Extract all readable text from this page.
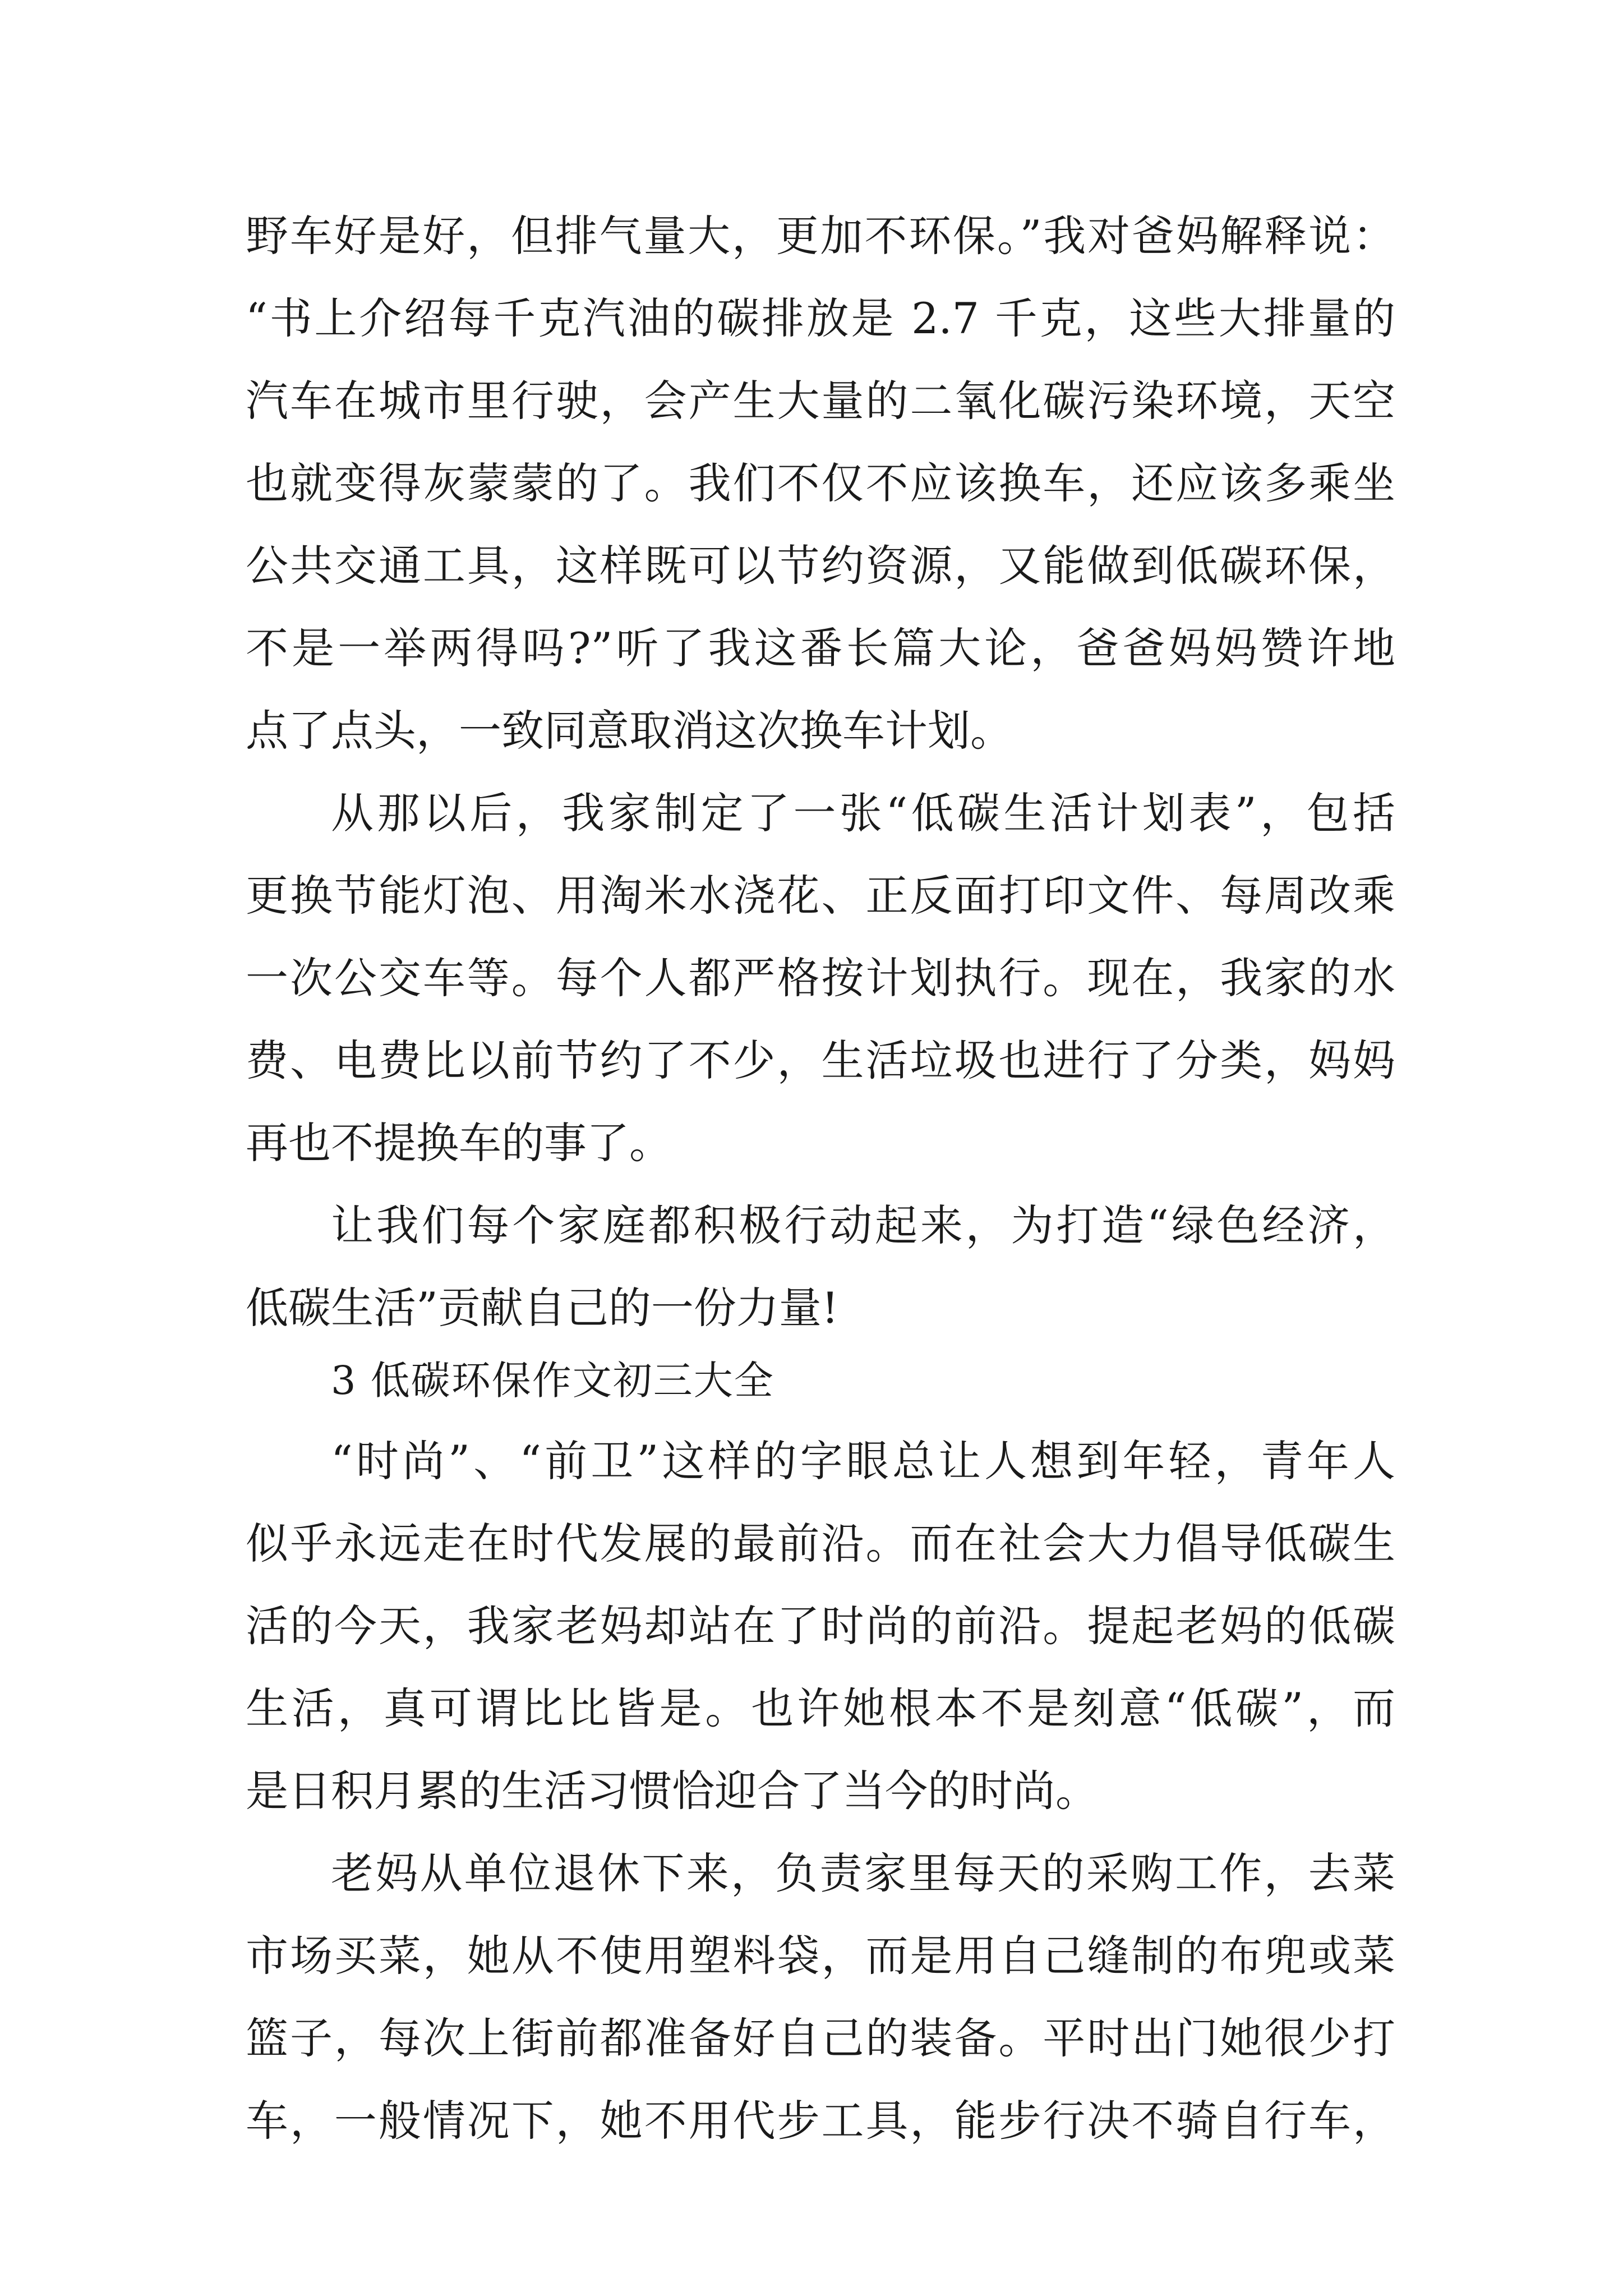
野车好是好，但排气量大，更加不环保。”我对爸妈解释说：

“书上介绍每千克汽油的碳排放是 2.7 千克，这些大排量的

汽车在城市里行驶，会产生大量的二氧化碳污染环境，天空

也就变得灰蒙蒙的了。我们不仅不应该换车，还应该多乘坐

公共交通工具，这样既可以节约资源，又能做到低碳环保，

不是一举两得吗?”听了我这番长篇大论，爸爸妈妈赞许地

点了点头，一致同意取消这次换车计划。

从那以后，我家制定了一张“低碳生活计划表”，包括

更换节能灯泡、用淘米水浇花、正反面打印文件、每周改乘

一次公交车等。每个人都严格按计划执行。现在，我家的水

费、电费比以前节约了不少，生活垃圾也进行了分类，妈妈

再也不提换车的事了。

让我们每个家庭都积极行动起来，为打造“绿色经济，

低碳生活”贡献自己的一份力量!

3 低碳环保作文初三大全

“时尚”、“前卫”这样的字眼总让人想到年轻，青年人

似乎永远走在时代发展的最前沿。而在社会大力倡导低碳生

活的今天，我家老妈却站在了时尚的前沿。提起老妈的低碳

生活，真可谓比比皆是。也许她根本不是刻意“低碳”，而

是日积月累的生活习惯恰迎合了当今的时尚。

老妈从单位退休下来，负责家里每天的采购工作，去菜

市场买菜，她从不使用塑料袋，而是用自己缝制的布兜或菜

篮子，每次上街前都准备好自己的装备。平时出门她很少打

车，一般情况下，她不用代步工具，能步行决不骑自行车，
